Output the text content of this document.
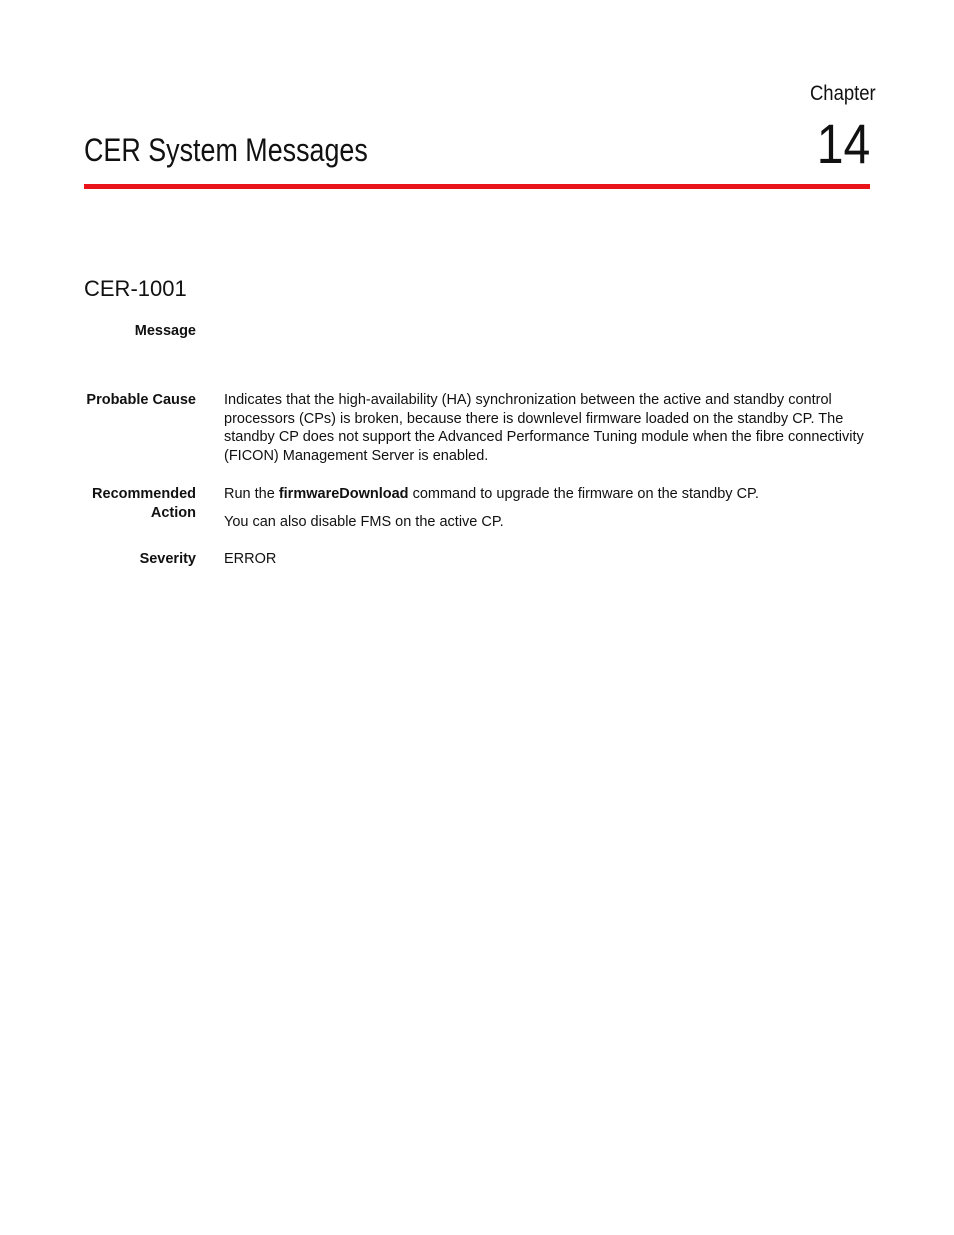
Chapter
14
CER System Messages
CER-1001
Message
Probable Cause Indicates that the high-availability (HA) synchronization between the active and standby control processors (CPs) is broken, because there is downlevel firmware loaded on the standby CP. The standby CP does not support the Advanced Performance Tuning module when the fibre connectivity (FICON) Management Server is enabled.

Recommended
Action

Run the firmwareDownload command to upgrade the firmware on the standby CP.

You can also disable FMS on the active CP.

Severity ERROR
